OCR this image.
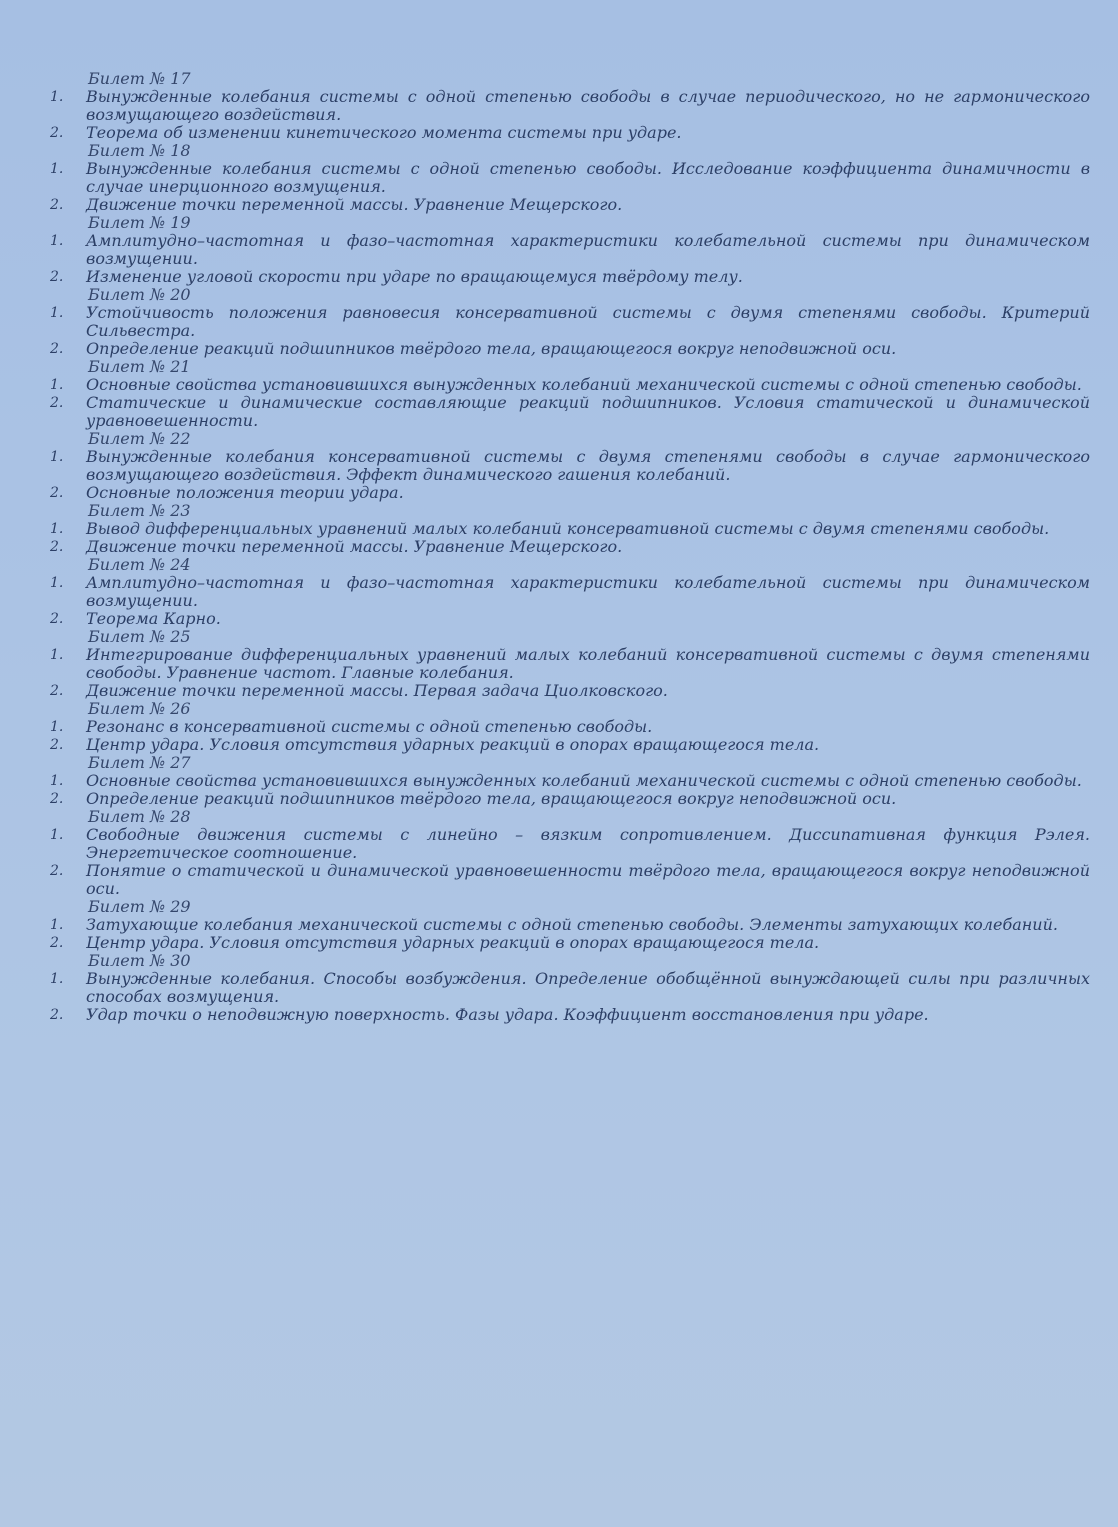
Билет № 17
1.	Вынужденные колебания системы с одной степенью свободы в случае периодического, но не гармонического возмущающего воздействия.
2.	Теорема об изменении кинетического момента системы при ударе.
Билет № 18
1.	Вынужденные колебания системы с одной степенью свободы. Исследование коэффициента динамичности в случае инерционного возмущения.
2.	Движение точки переменной массы. Уравнение Мещерского.
Билет № 19
1.	Амплитудно–частотная и фазо–частотная характеристики колебательной системы при динамическом возмущении.
2.	Изменение угловой скорости при ударе по вращающемуся твёрдому телу.
Билет № 20
1.	Устойчивость положения равновесия консервативной системы с двумя степенями свободы. Критерий Сильвестра.
2.	Определение реакций подшипников твёрдого тела, вращающегося вокруг неподвижной оси.
Билет № 21
1.	Основные свойства установившихся вынужденных колебаний механической системы с одной степенью свободы.
2.	Статические и динамические составляющие реакций подшипников. Условия статической и динамической уравновешенности.
Билет № 22
1.	Вынужденные колебания консервативной системы с двумя степенями свободы в случае гармонического возмущающего воздействия. Эффект динамического гашения колебаний.
2.	Основные положения теории удара.
Билет № 23
1.	Вывод дифференциальных уравнений малых колебаний консервативной системы с двумя степенями свободы.
2.	Движение точки переменной массы. Уравнение Мещерского.
Билет № 24
1.	Амплитудно–частотная и фазо–частотная характеристики колебательной системы при динамическом возмущении.
2.	Теорема Карно.
Билет № 25
1.	Интегрирование дифференциальных уравнений малых колебаний консервативной системы с двумя степенями свободы. Уравнение частот. Главные колебания.
2.	Движение точки переменной массы. Первая задача Циолковского.
Билет № 26
1.	Резонанс в консервативной системы с одной степенью свободы.
2.	Центр удара. Условия отсутствия ударных реакций в опорах вращающегося тела.
Билет № 27
1.	Основные свойства установившихся вынужденных колебаний механической системы с одной степенью свободы.
2.	Определение реакций подшипников твёрдого тела, вращающегося вокруг неподвижной оси.
Билет № 28
1.	Свободные движения системы с линейно – вязким сопротивлением. Диссипативная функция Рэлея. Энергетическое соотношение.
2.	Понятие о статической и динамической уравновешенности твёрдого тела, вращающегося вокруг неподвижной оси.
Билет № 29
1.	Затухающие колебания механической системы с одной степенью свободы. Элементы затухающих колебаний.
2.	Центр удара. Условия отсутствия ударных реакций в опорах вращающегося тела.
Билет № 30
1.	Вынужденные колебания. Способы возбуждения. Определение обобщённой вынуждающей силы при различных способах возмущения.
2.	Удар точки о неподвижную поверхность. Фазы удара. Коэффициент восстановления при ударе.
